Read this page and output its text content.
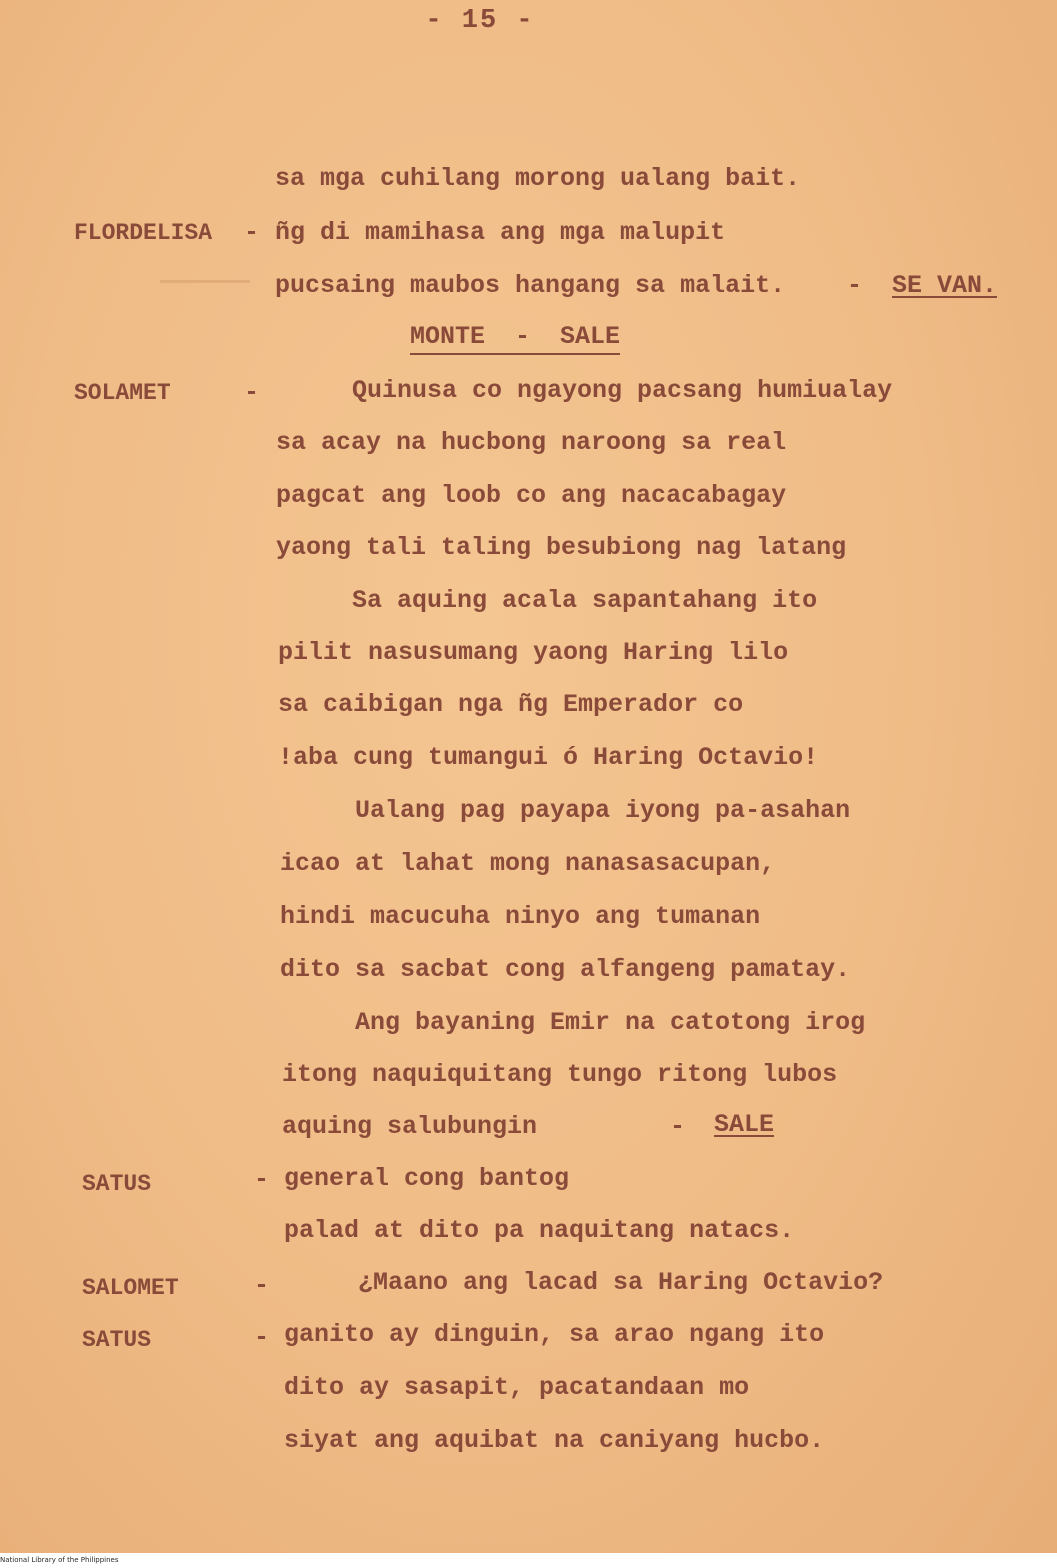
- 15 -
sa mga cuhilang morong ualang bait.
FLORDELISA - ñg di mamihasa ang mga malupit
pucsaing maubos hangang sa malait. - SE VAN.
MONTE  -  SALE
SOLAMET	-	Quinusa co ngayong pacsang humiualay
sa acay na hucbong naroong sa real
pagcat ang loob co ang nacacabagay
yaong tali taling besubiong nag latang
Sa aquing acala sapantahang ito
pilit nasusumang yaong Haring lilo
sa caibigan nga ñg Emperador co
!aba cung tumangui ó Haring Octavio!
Ualang pag payapa iyong pa-asahan
icao at lahat mong nanasasacupan,
hindi macucuha ninyo ang tumanan
dito sa sacbat cong alfangeng pamatay.
Ang bayaning Emir na catotong irog
itong naquiquitang tungo ritong lubos
aquing salubungin	- SALE
SATUS	- general cong bantog
palad at dito pa naquitang natacs.
SALOMET	-	¿Maano ang lacad sa Haring Octavio?
SATUS	- ganito ay dinguin, sa arao ngang ito
dito ay sasapit, pacatandaan mo
siyat ang aquibat na caniyang hucbo.
National Library of the Philippines
